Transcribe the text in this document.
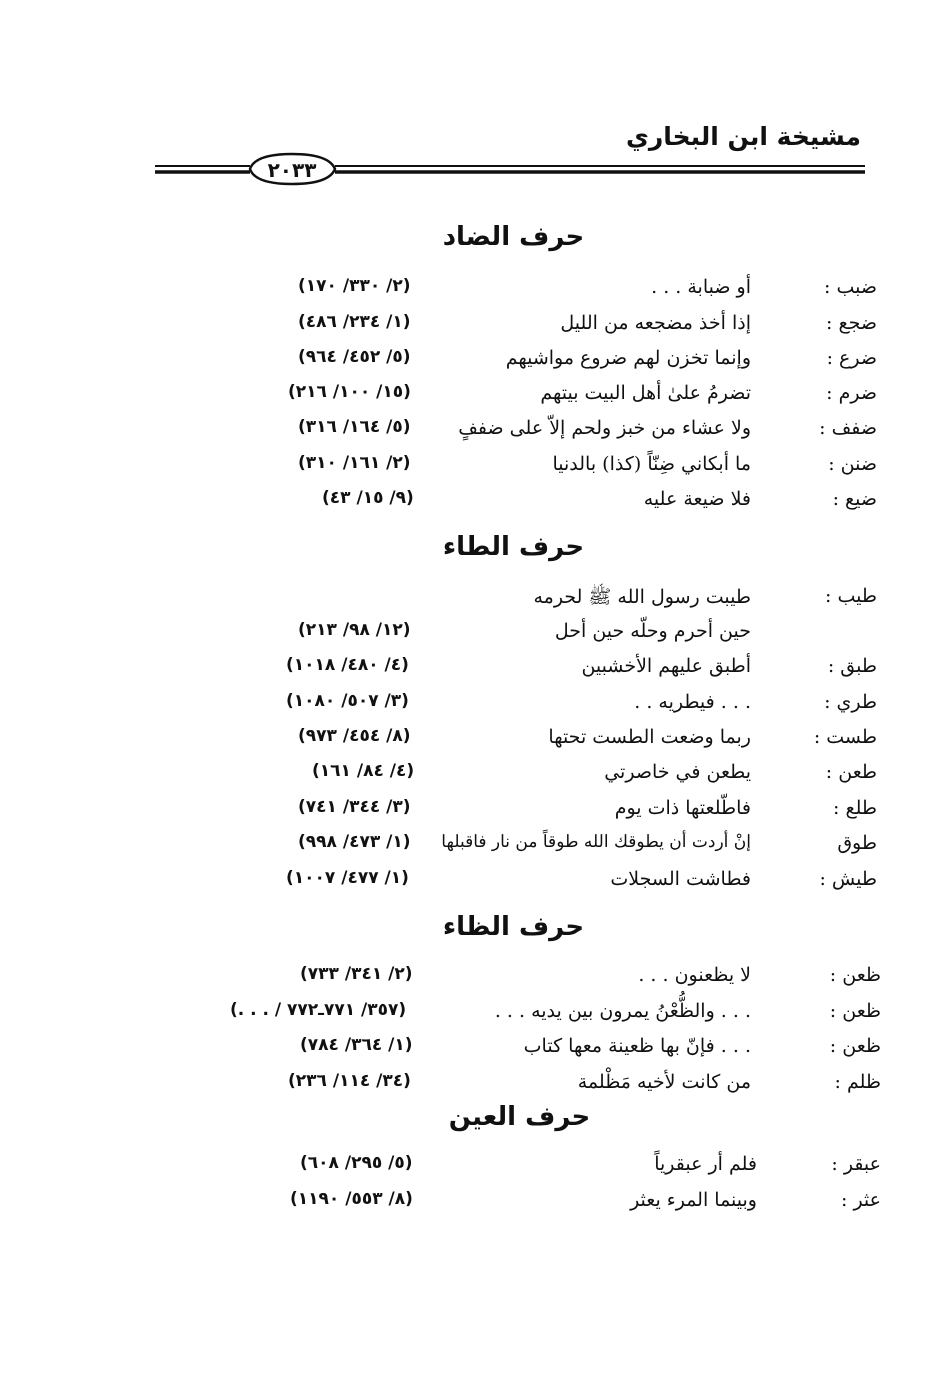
مشيخة ابن البخاري
٢٠٣٣
حرف الضاد
ضبب :
أو ضبابة . . .
(٢/ ٣٣٠/ ١٧٠)
ضجع :
إذا أخذ مضجعه من الليل
(١/ ٢٣٤/ ٤٨٦)
ضرع :
وإنما تخزن لهم ضروع مواشيهم
(٥/ ٤٥٢/ ٩٦٤)
ضرم :
تضرمُ علىٰ أهل البيت بيتهم
(١٥/ ١٠٠/ ٢١٦)
ضفف :
ولا عشاء من خبز ولحم إلاّ على ضففٍ
(٥/ ١٦٤/ ٣١٦)
ضنن :
ما أبكاني ضِنّاً (كذا) بالدنيا
(٢/ ١٦١/ ٣١٠)
ضيع :
فلا ضيعة عليه
(٩/ ١٥/ ٤٣)
حرف الطاء
طيب :
طيبت رسول الله ﷺ لحرمه
حين أحرم وحلّه حين أحل
(١٢/ ٩٨/ ٢١٣)
طبق :
أطبق عليهم الأخشبين
(٤/ ٤٨٠/ ١٠١٨)
طري :
. . . فيطريه . .
(٣/ ٥٠٧/ ١٠٨٠)
طست :
ربما وضعت الطست تحتها
(٨/ ٤٥٤/ ٩٧٣)
طعن :
يطعن في خاصرتي
(٤/ ٨٤/ ١٦١)
طلع :
فاطّلعتها ذات يوم
(٣/ ٣٤٤/ ٧٤١)
طوق
إنْ أردت أن يطوقك الله طوقاً من نار فاقبلها
(١/ ٤٧٣/ ٩٩٨)
طيش :
فطاشت السجلات
(١/ ٤٧٧/ ١٠٠٧)
حرف الظاء
ظعن :
لا يظعنون . . .
(٢/ ٣٤١/ ٧٣٣)
ظعن :
. . . والظُّعْنُ يمرون بين يديه . . .
(. . . / ٣٥٧/ ٧٧١ـ٧٧٢)
ظعن :
. . . فإنّ بها ظعينة معها كتاب
(١/ ٣٦٤/ ٧٨٤)
ظلم :
من كانت لأخيه مَظْلمة
(٣٤/ ١١٤/ ٢٣٦)
حرف العين
عبقر :
فلم أر عبقرياً
(٥/ ٢٩٥/ ٦٠٨)
عثر :
وبينما المرء يعثر
(٨/ ٥٥٣/ ١١٩٠)
